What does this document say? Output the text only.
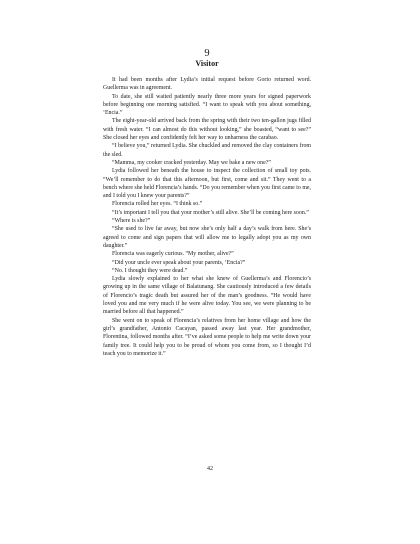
9
Visitor

It had been months after Lydia’s initial request before Gorio returned word. Guellerma was in agreement.

To date, she still waited patiently nearly three more years for signed paperwork before beginning one morning satisfied. “I want to speak with you about something, ‘Encia.”

The eight-year-old arrived back from the spring with their two ten-gallon jugs filled with fresh water. “I can almost do this without looking,” she boasted, “want to see?” She closed her eyes and confidently felt her way to unharness the carabao.

“I believe you,” returned Lydia. She chuckled and removed the clay containers from the sled.

“Mamma, my cooker cracked yesterday. May we bake a new one?”

Lydia followed her beneath the house to inspect the collection of small toy pots. “We’ll remember to do that this afternoon, but first, come and sit.” They went to a bench where she held Florencia’s hands. “Do you remember when you first came to me, and I told you I knew your parents?”

Florencia rolled her eyes. “I think so.”

“It’s important I tell you that your mother’s still alive. She’ll be coming here soon.”

“Where is she?”

“She used to live far away, but now she’s only half a day’s walk from here. She’s agreed to come and sign papers that will allow me to legally adopt you as my own daughter.”

Florencia was eagerly curious. “My mother, alive?”

“Did your uncle ever speak about your parents, ‘Encia?”

“No. I thought they were dead.”

Lydia slowly explained to her what she knew of Guellerma’s and Florencio’s growing up in the same village of Balatunang. She cautiously introduced a few details of Florencio’s tragic death but assured her of the man’s goodness. “He would have loved you and me very much if he were alive today. You see, we were planning to be married before all that happened.”

She went on to speak of Florencia’s relatives from her home village and how the girl’s grandfather, Antonio Cacayan, passed away last year. Her grandmother, Florentina, followed months after. “I’ve asked some people to help me write down your family tree. It could help you to be proud of whom you come from, so I thought I’d teach you to memorize it.”

42
